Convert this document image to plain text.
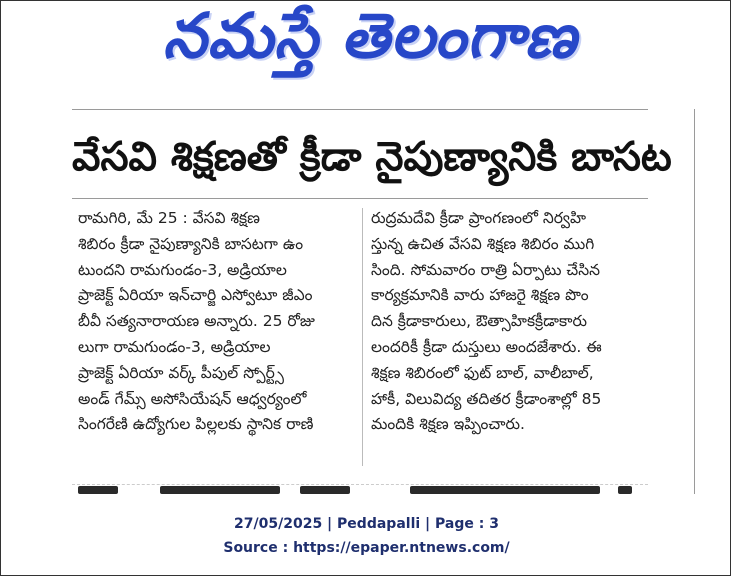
నమస్తే తెలంగాణ
వేసవి శిక్షణతో క్రీడా నైపుణ్యానికి బాసట
రామగిరి, మే 25 : వేసవి శిక్షణ
శిబిరం క్రీడా నైపుణ్యానికి బాసటగా ఉం
టుందని రామగుండం-3, అడ్రియాల
ప్రాజెక్ట్ ఏరియా ఇన్‌చార్జి ఎస్వోటూ జీఎం
బీవీ సత్యనారాయణ అన్నారు. 25 రోజు
లుగా రామగుండం-3, అడ్రియాల
ప్రాజెక్ట్ ఏరియా వర్క్ పీపుల్ స్పోర్ట్స్
అండ్ గేమ్స్ అసోసియేషన్ ఆధ్వర్యంలో
సింగరేణి ఉద్యోగుల పిల్లలకు స్థానిక రాణి
రుద్రమదేవి క్రీడా ప్రాంగణంలో నిర్వహి
స్తున్న ఉచిత వేసవి శిక్షణ శిబిరం ముగి
సింది. సోమవారం రాత్రి ఏర్పాటు చేసిన
కార్యక్రమానికి వారు హాజరై శిక్షణ పొం
దిన క్రీడాకారులు, ఔత్సాహికక్రీడాకారు
లందరికీ క్రీడా దుస్తులు అందజేశారు. ఈ
శిక్షణ శిబిరంలో ఫుట్ బాల్, వాలీబాల్,
హాకీ, విలువిద్య తదితర క్రీడాంశాల్లో 85
మందికి శిక్షణ ఇప్పించారు.
27/05/2025 | Peddapalli | Page : 3
Source : https://epaper.ntnews.com/
